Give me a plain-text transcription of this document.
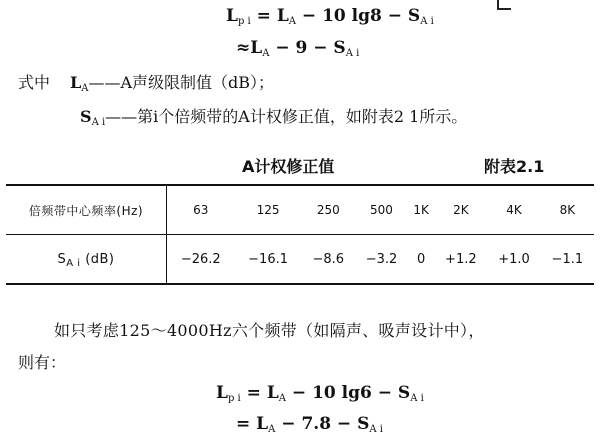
Lp i = LA − 10 lg8 − SA i
≈LA − 9 − SA i
式中 LA——A声级限制值（dB）；
SA i——第i个倍频带的A计权修正值，如附表2 1所示。
A计权修正值	附表2.1
倍频带中心频率(Hz)	63	125	250	500	1K	2K	4K	8K
$S_{A i}$ (dB)	−26.2	−16.1	−8.6	−3.2	0	+1.2	+1.0	−1.1
如只考虑125～4000Hz六个频带（如隔声、吸声设计中），
则有：
Lp i = LA − 10 lg6 − SA i
= LA − 7.8 − SA i
